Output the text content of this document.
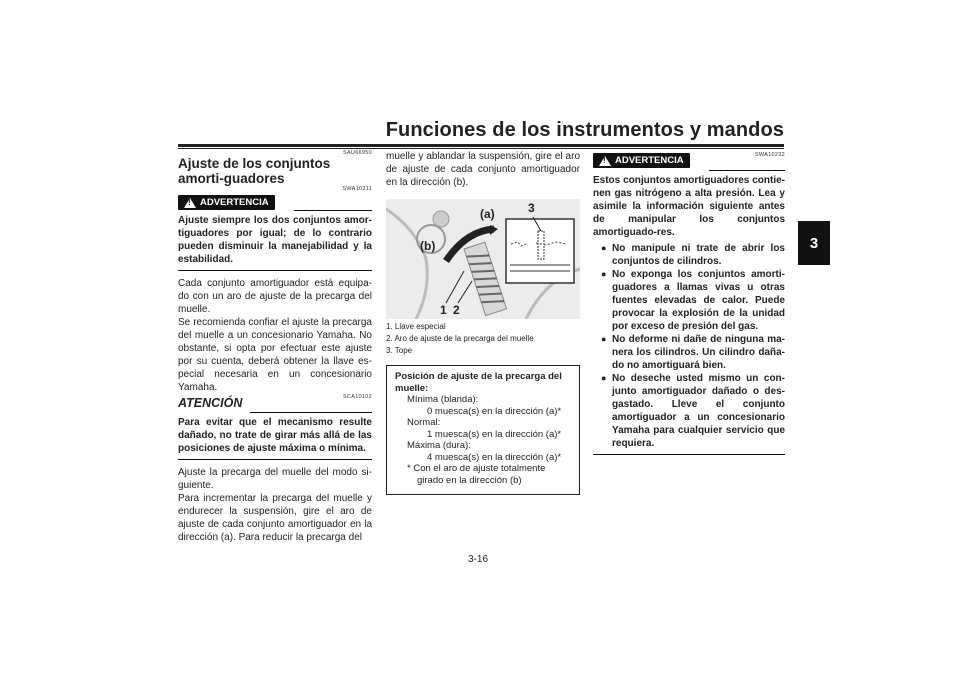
Funciones de los instrumentos y mandos
3
SAU66950
Ajuste de los conjuntos amorti-guadores
SWA10211
!
ADVERTENCIA

Ajuste siempre los dos conjuntos amor-tiguadores por igual; de lo contrario pueden disminuir la manejabilidad y la estabilidad.

Cada conjunto amortiguador está equipa-do con un aro de ajuste de la precarga del muelle.

Se recomienda confiar el ajuste la precarga del muelle a un concesionario Yamaha. No obstante, si opta por efectuar este ajuste por su cuenta, deberá obtener la llave es-pecial necesaria en un concesionario Yamaha.

ATENCIÓN	SCA10102

Para evitar que el mecanismo resulte dañado, no trate de girar más allá de las posiciones de ajuste máxima o mínima.

Ajuste la precarga del muelle del modo si-guiente.

Para incrementar la precarga del muelle y endurecer la suspensión, gire el aro de ajuste de cada conjunto amortiguador en la dirección (a). Para reducir la precarga del

muelle y ablandar la suspensión, gire el aro de ajuste de cada conjunto amortiguador en la dirección (b).

(a)
(b)
1 2
3
1. Llave especial
2. Aro de ajuste de la precarga del muelle
3. Tope
Posición de ajuste de la precarga del muelle:
Mínima (blanda):
0 muesca(s) en la dirección (a)*
Normal:
1 muesca(s) en la dirección (a)*
Máxima (dura):
4 muesca(s) en la dirección (a)*
* Con el aro de ajuste totalmente
girado en la dirección (b)
!
ADVERTENCIA	SWA10232

Estos conjuntos amortiguadores contie-nen gas nitrógeno a alta presión. Lea y asimile la información siguiente antes de manipular los conjuntos amortiguado-res.

● No manipule ni trate de abrir los conjuntos de cilindros.
● No exponga los conjuntos amorti-guadores a llamas vivas u otras fuentes elevadas de calor. Puede provocar la explosión de la unidad por exceso de presión del gas.
● No deforme ni dañe de ninguna ma-nera los cilindros. Un cilindro daña-do no amortiguará bien.
● No deseche usted mismo un con-junto amortiguador dañado o des-gastado. Lleve el conjunto amortiguador a un concesionario Yamaha para cualquier servicio que requiera.
3-16
